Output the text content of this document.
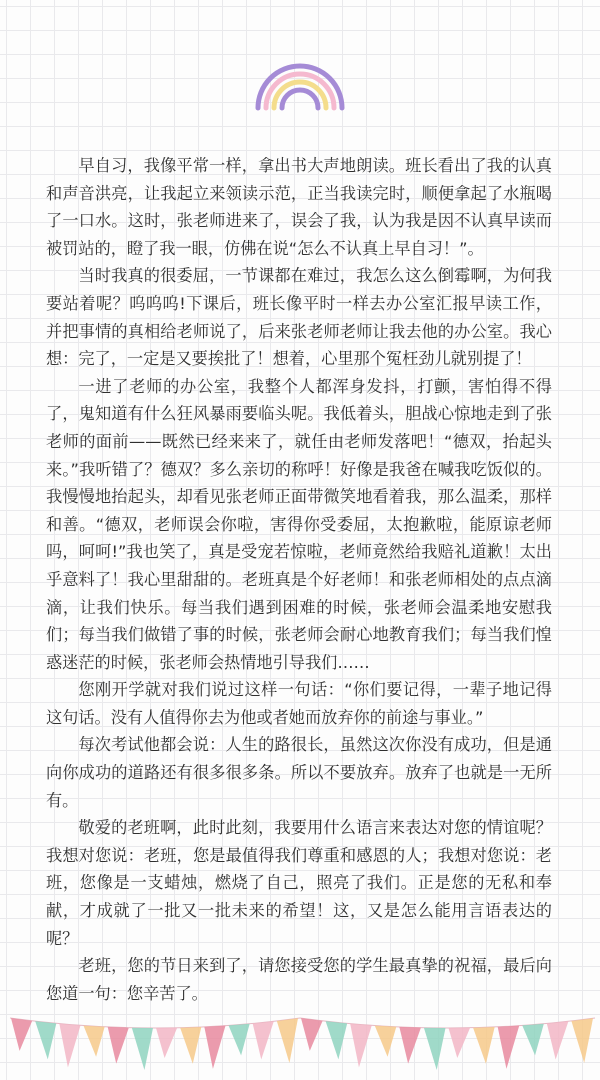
早自习，我像平常一样，拿出书大声地朗读。班长看出了我的认真和声音洪亮，让我起立来领读示范，正当我读完时，顺便拿起了水瓶喝了一口水。这时，张老师进来了，误会了我，认为我是因不认真早读而被罚站的，瞪了我一眼，仿佛在说“怎么不认真上早自习！”。

当时我真的很委屈，一节课都在难过，我怎么这么倒霉啊，为何我要站着呢？呜呜呜!下课后，班长像平时一样去办公室汇报早读工作，并把事情的真相给老师说了，后来张老师老师让我去他的办公室。我心想：完了，一定是又要挨批了！想着，心里那个冤枉劲儿就别提了！

一进了老师的办公室，我整个人都浑身发抖，打颤，害怕得不得了，鬼知道有什么狂风暴雨要临头呢。我低着头，胆战心惊地走到了张老师的面前——既然已经来来了，就任由老师发落吧！“德双，抬起头来。”我听错了？德双？多么亲切的称呼！好像是我爸在喊我吃饭似的。我慢慢地抬起头，却看见张老师正面带微笑地看着我，那么温柔，那样和善。“德双，老师误会你啦，害得你受委屈，太抱歉啦，能原谅老师吗，呵呵!”我也笑了，真是受宠若惊啦，老师竟然给我赔礼道歉！太出乎意料了！我心里甜甜的。老班真是个好老师！和张老师相处的点点滴滴，让我们快乐。每当我们遇到困难的时候，张老师会温柔地安慰我们；每当我们做错了事的时候，张老师会耐心地教育我们；每当我们惶惑迷茫的时候，张老师会热情地引导我们……

您刚开学就对我们说过这样一句话：“你们要记得，一辈子地记得这句话。没有人值得你去为他或者她而放弃你的前途与事业。”

每次考试他都会说：人生的路很长，虽然这次你没有成功，但是通向你成功的道路还有很多很多条。所以不要放弃。放弃了也就是一无所有。

敬爱的老班啊，此时此刻，我要用什么语言来表达对您的情谊呢？我想对您说：老班，您是最值得我们尊重和感恩的人；我想对您说：老班，您像是一支蜡烛，燃烧了自己，照亮了我们。正是您的无私和奉献，才成就了一批又一批未来的希望！这，又是怎么能用言语表达的呢？

老班，您的节日来到了，请您接受您的学生最真挚的祝福，最后向您道一句：您辛苦了。
